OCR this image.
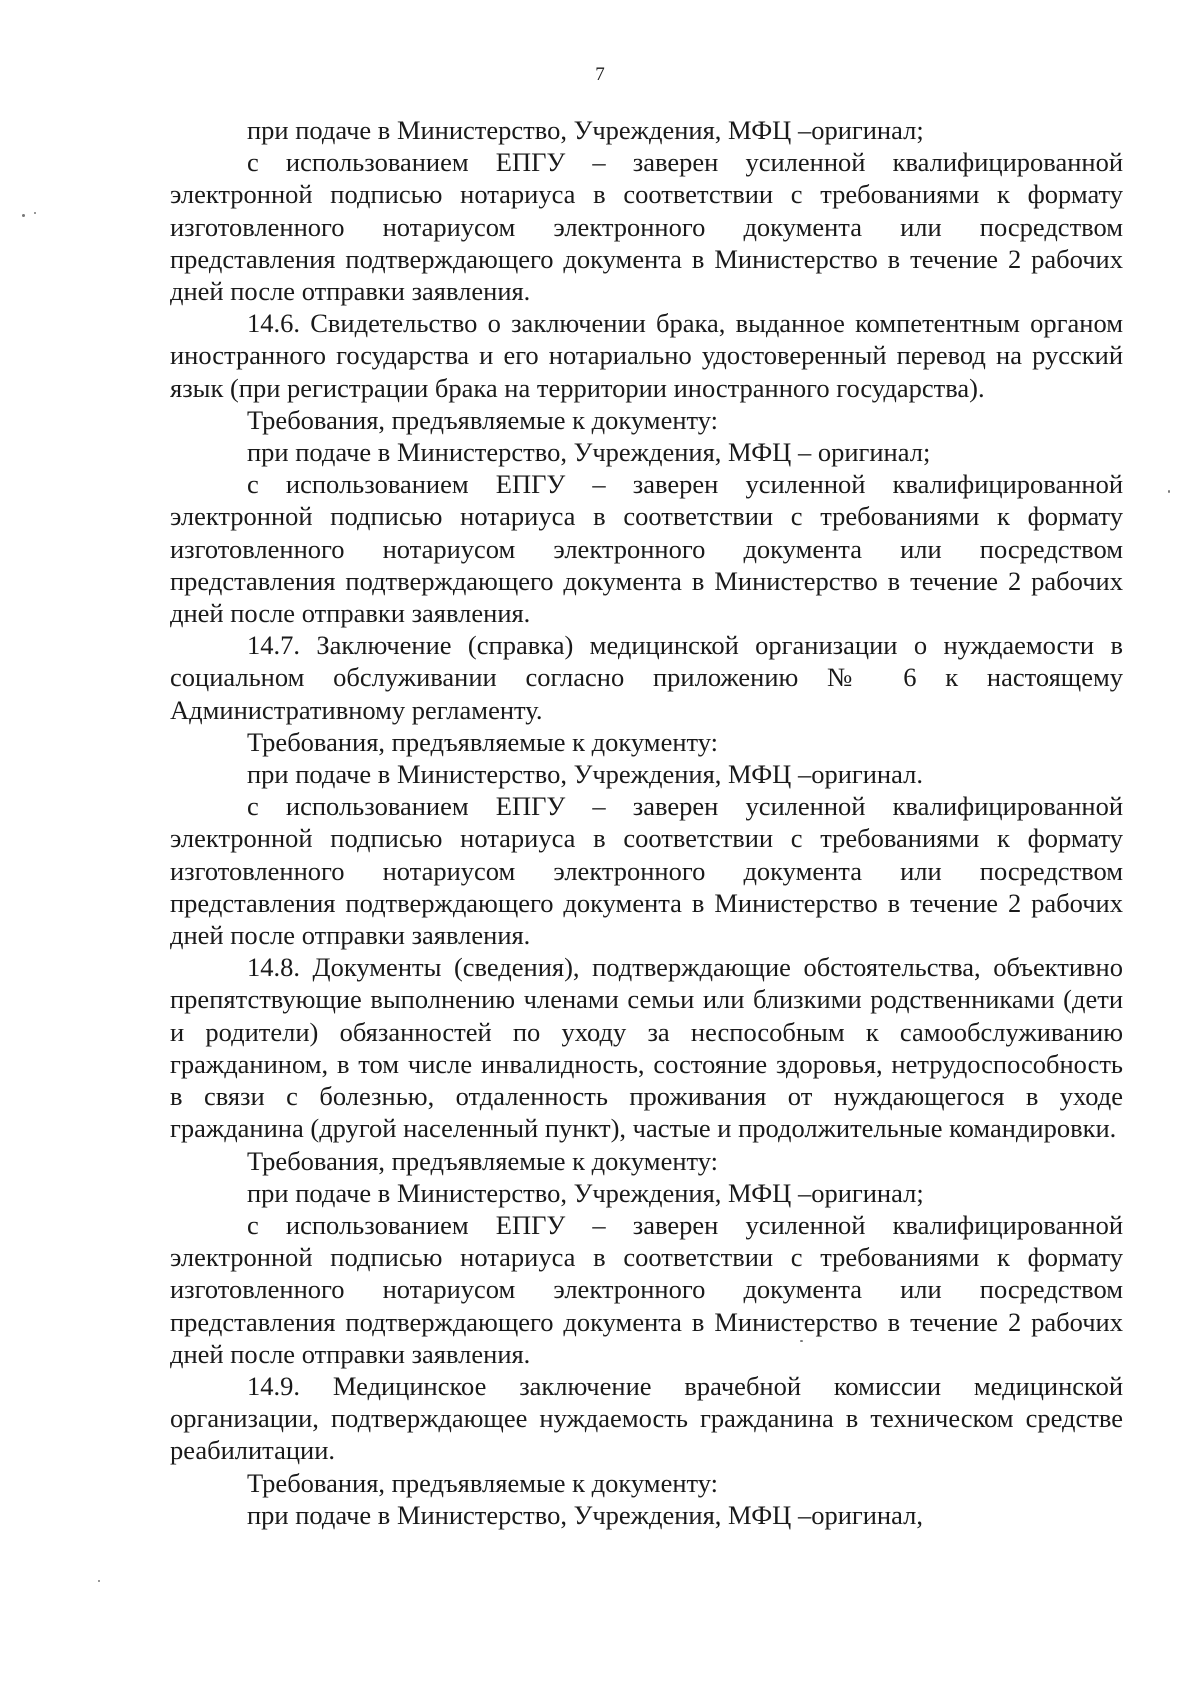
7

при подаче в Министерство, Учреждения, МФЦ –оригинал;

с использованием ЕПГУ – заверен усиленной квалифицированной электронной подписью нотариуса в соответствии с требованиями к формату изготовленного нотариусом электронного документа или посредством представления подтверждающего документа в Министерство в течение 2 рабочих дней после отправки заявления.

14.6. Свидетельство о заключении брака, выданное компетентным органом иностранного государства и его нотариально удостоверенный перевод на русский язык (при регистрации брака на территории иностранного государства).

Требования, предъявляемые к документу:

при подаче в Министерство, Учреждения, МФЦ – оригинал;

с использованием ЕПГУ – заверен усиленной квалифицированной электронной подписью нотариуса в соответствии с требованиями к формату изготовленного нотариусом электронного документа или посредством представления подтверждающего документа в Министерство в течение 2 рабочих дней после отправки заявления.

14.7. Заключение (справка) медицинской организации о нуждаемости в социальном обслуживании согласно приложению № 6 к настоящему Административному регламенту.

Требования, предъявляемые к документу:

при подаче в Министерство, Учреждения, МФЦ –оригинал.

с использованием ЕПГУ – заверен усиленной квалифицированной электронной подписью нотариуса в соответствии с требованиями к формату изготовленного нотариусом электронного документа или посредством представления подтверждающего документа в Министерство в течение 2 рабочих дней после отправки заявления.

14.8. Документы (сведения), подтверждающие обстоятельства, объективно препятствующие выполнению членами семьи или близкими родственниками (дети и родители) обязанностей по уходу за неспособным к самообслуживанию гражданином, в том числе инвалидность, состояние здоровья, нетрудоспособность в связи с болезнью, отдаленность проживания от нуждающегося в уходе гражданина (другой населенный пункт), частые и продолжительные командировки.

Требования, предъявляемые к документу:

при подаче в Министерство, Учреждения, МФЦ –оригинал;

с использованием ЕПГУ – заверен усиленной квалифицированной электронной подписью нотариуса в соответствии с требованиями к формату изготовленного нотариусом электронного документа или посредством представления подтверждающего документа в Министерство в течение 2 рабочих дней после отправки заявления.

14.9. Медицинское заключение врачебной комиссии медицинской организации, подтверждающее нуждаемость гражданина в техническом средстве реабилитации.

Требования, предъявляемые к документу:

при подаче в Министерство, Учреждения, МФЦ –оригинал,
